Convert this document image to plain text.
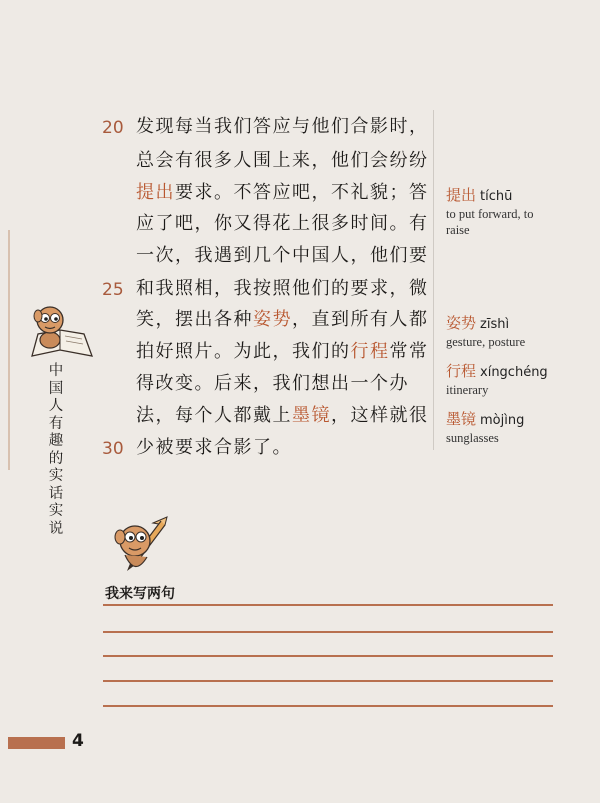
20 发现每当我们答应与他们合影时，
总会有很多人围上来，他们会纷纷
提出要求。不答应吧，不礼貌；答
应了吧，你又得花上很多时间。有
一次，我遇到几个中国人，他们要
25 和我照相，我按照他们的要求，微
笑，摆出各种姿势，直到所有人都
拍好照片。为此，我们的行程常常
得改变。后来，我们想出一个办
法，每个人都戴上墨镜，这样就很
30 少被要求合影了。
提出 tíchū
to put forward, to raise
姿势 zīshì
gesture, posture
行程 xíngchéng
itinerary
墨镜 mòjìng
sunglasses
中
国
人
有
趣
的
实
话
实
说
我来写两句
4
